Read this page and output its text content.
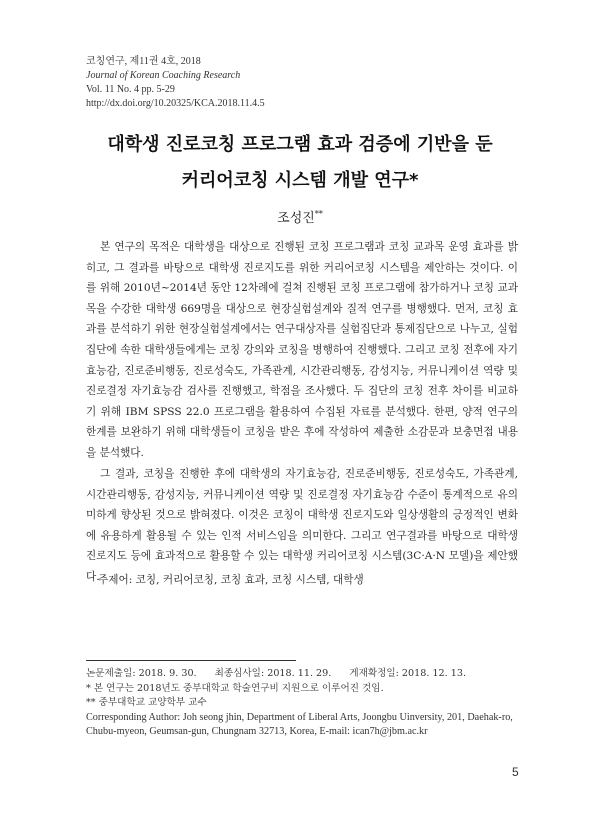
코칭연구, 제11권 4호, 2018
Journal of Korean Coaching Research
Vol. 11 No. 4 pp. 5-29
http://dx.doi.org/10.20325/KCA.2018.11.4.5
대학생 진로코칭 프로그램 효과 검증에 기반을 둔
커리어코칭 시스템 개발 연구*
조성진**

본 연구의 목적은 대학생을 대상으로 진행된 코칭 프로그램과 코칭 교과목 운영 효과를 밝히고, 그 결과를 바탕으로 대학생 진로지도를 위한 커리어코칭 시스템을 제안하는 것이다. 이를 위해 2010년~2014년 동안 12차례에 걸쳐 진행된 코칭 프로그램에 참가하거나 코칭 교과목을 수강한 대학생 669명을 대상으로 현장실험설계와 질적 연구를 병행했다. 먼저, 코칭 효과를 분석하기 위한 현장실험설계에서는 연구대상자를 실험집단과 통제집단으로 나누고, 실험집단에 속한 대학생들에게는 코칭 강의와 코칭을 병행하여 진행했다. 그리고 코칭 전후에 자기효능감, 진로준비행동, 진로성숙도, 가족관계, 시간관리행동, 감성지능, 커뮤니케이션 역량 및 진로결정 자기효능감 검사를 진행했고, 학점을 조사했다. 두 집단의 코칭 전후 차이를 비교하기 위해 IBM SPSS 22.0 프로그램을 활용하여 수집된 자료를 분석했다. 한편, 양적 연구의 한계를 보완하기 위해 대학생들이 코칭을 받은 후에 작성하여 제출한 소감문과 보충면접 내용을 분석했다.

그 결과, 코칭을 진행한 후에 대학생의 자기효능감, 진로준비행동, 진로성숙도, 가족관계, 시간관리행동, 감성지능, 커뮤니케이션 역량 및 진로결정 자기효능감 수준이 통계적으로 유의미하게 향상된 것으로 밝혀졌다. 이것은 코칭이 대학생 진로지도와 일상생활의 긍정적인 변화에 유용하게 활용될 수 있는 인적 서비스임을 의미한다. 그리고 연구결과를 바탕으로 대학생 진로지도 등에 효과적으로 활용할 수 있는 대학생 커리어코칭 시스템(3C·A·N 모델)을 제안했다.

주제어: 코칭, 커리어코칭, 코칭 효과, 코칭 시스템, 대학생
논문제출일: 2018. 9. 30. 최종심사일: 2018. 11. 29. 게재확정일: 2018. 12. 13.
* 본 연구는 2018년도 중부대학교 학술연구비 지원으로 이루어진 것임.
** 중부대학교 교양학부 교수
Corresponding Author: Joh seong jhin, Department of Liberal Arts, Joongbu Uinversity, 201, Daehak-ro, Chubu-myeon, Geumsan-gun, Chungnam 32713, Korea, E-mail: ican7h@jbm.ac.kr
5
